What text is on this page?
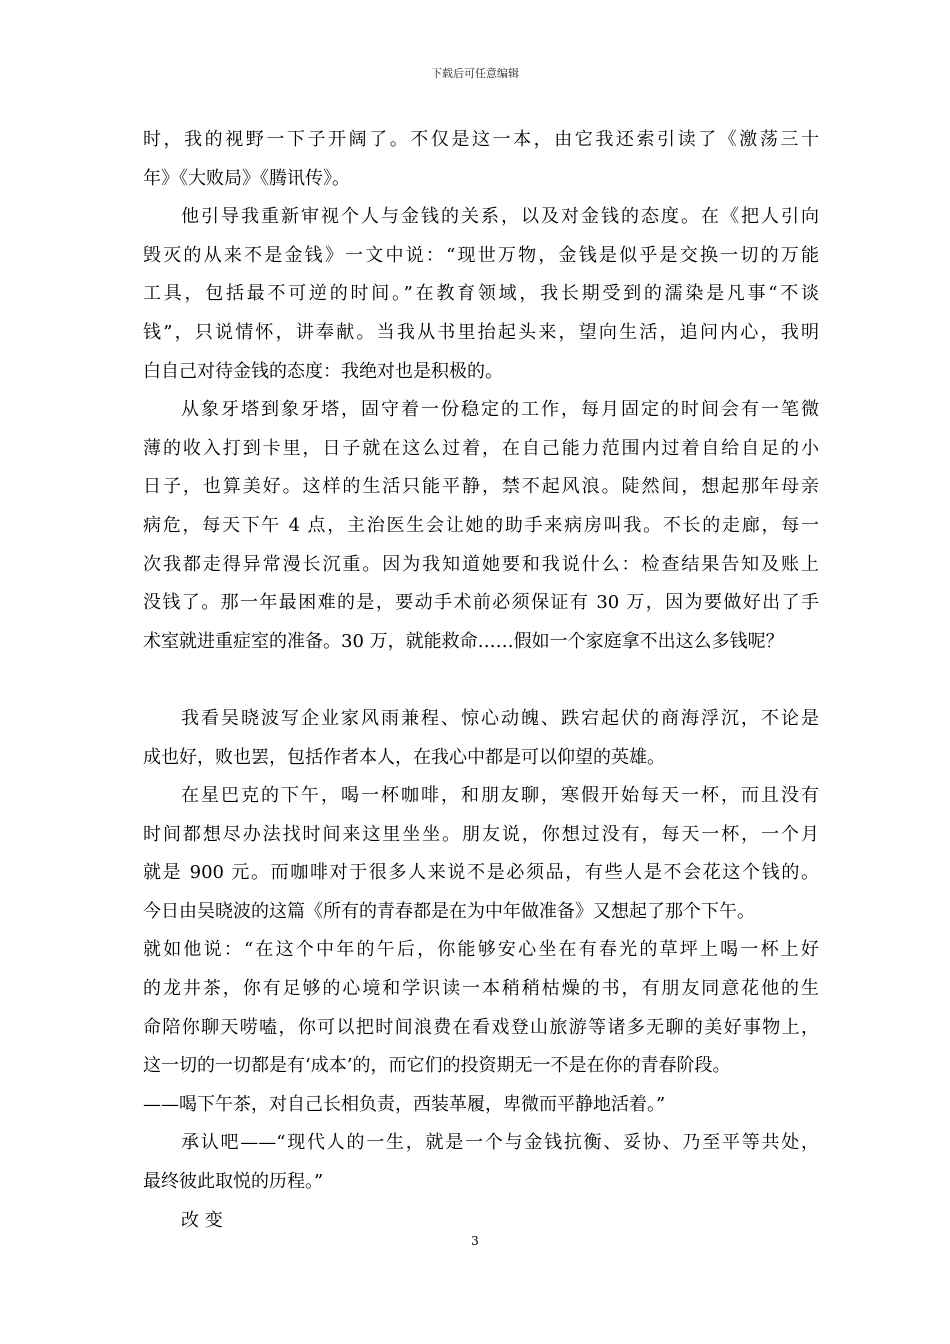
下载后可任意编辑
时，我的视野一下子开阔了。不仅是这一本，由它我还索引读了《激荡三十
年》《大败局》《腾讯传》。
他引导我重新审视个人与金钱的关系，以及对金钱的态度。在《把人引向
毁灭的从来不是金钱》一文中说：“现世万物，金钱是似乎是交换一切的万能
工具，包括最不可逆的时间。”在教育领域，我长期受到的濡染是凡事“不谈
钱”，只说情怀，讲奉献。当我从书里抬起头来，望向生活，追问内心，我明
白自己对待金钱的态度：我绝对也是积极的。
从象牙塔到象牙塔，固守着一份稳定的工作，每月固定的时间会有一笔微
薄的收入打到卡里，日子就在这么过着，在自己能力范围内过着自给自足的小
日子，也算美好。这样的生活只能平静，禁不起风浪。陡然间，想起那年母亲
病危，每天下午 4 点，主治医生会让她的助手来病房叫我。不长的走廊，每一
次我都走得异常漫长沉重。因为我知道她要和我说什么：检查结果告知及账上
没钱了。那一年最困难的是，要动手术前必须保证有 30 万，因为要做好出了手
术室就进重症室的准备。30 万，就能救命……假如一个家庭拿不出这么多钱呢？
我看吴晓波写企业家风雨兼程、惊心动魄、跌宕起伏的商海浮沉，不论是
成也好，败也罢，包括作者本人，在我心中都是可以仰望的英雄。
在星巴克的下午，喝一杯咖啡，和朋友聊，寒假开始每天一杯，而且没有
时间都想尽办法找时间来这里坐坐。朋友说，你想过没有，每天一杯，一个月
就是 900 元。而咖啡对于很多人来说不是必须品，有些人是不会花这个钱的。
今日由吴晓波的这篇《所有的青春都是在为中年做准备》又想起了那个下午。
就如他说：“在这个中年的午后，你能够安心坐在有春光的草坪上喝一杯上好
的龙井茶，你有足够的心境和学识读一本稍稍枯燥的书，有朋友同意花他的生
命陪你聊天唠嗑，你可以把时间浪费在看戏登山旅游等诸多无聊的美好事物上，
这一切的一切都是有‘成本’的，而它们的投资期无一不是在你的青春阶段。
——喝下午茶，对自己长相负责，西装革履，卑微而平静地活着。”
承认吧——“现代人的一生，就是一个与金钱抗衡、妥协、乃至平等共处，
最终彼此取悦的历程。”
改 变
3
